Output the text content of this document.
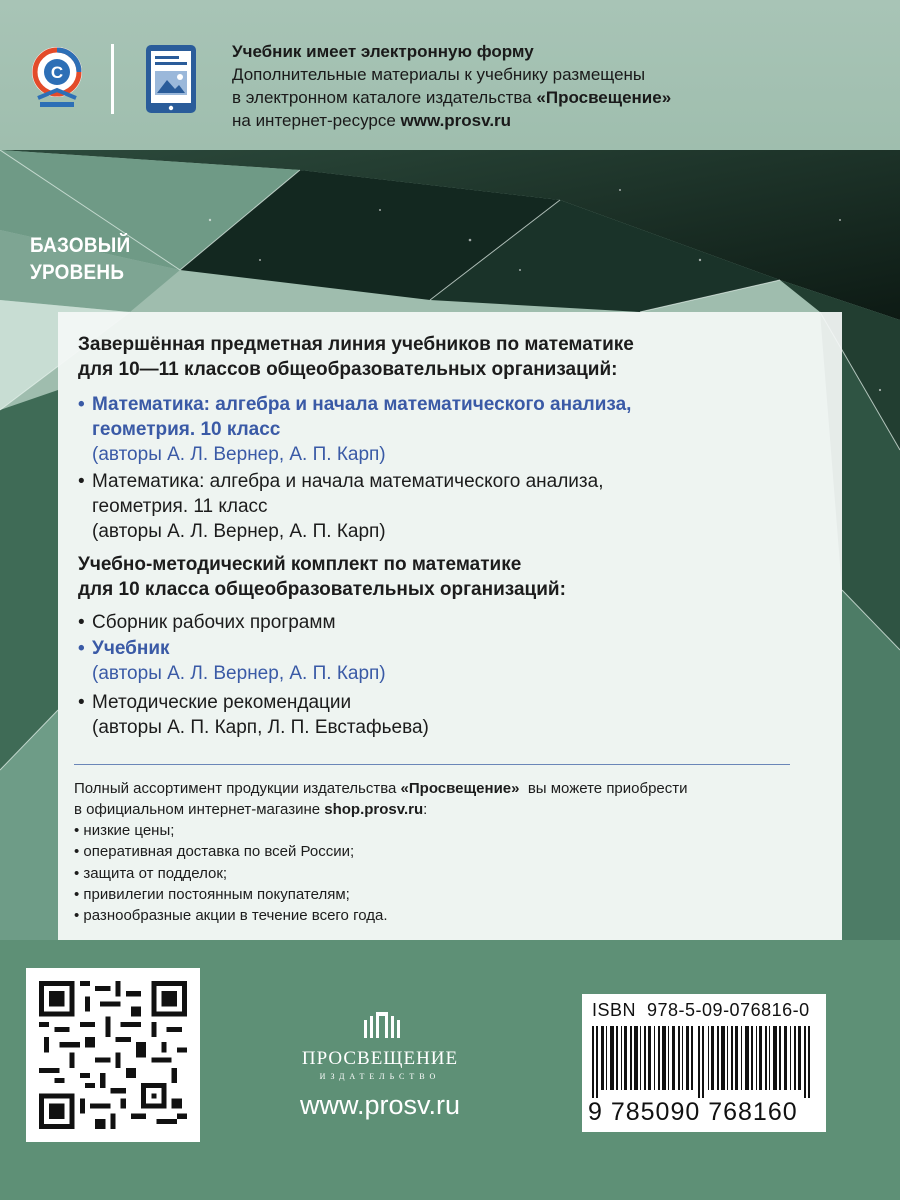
C
Учебник имеет электронную форму
Дополнительные материалы к учебнику размещены
в электронном каталоге издательства «Просвещение»
на интернет-ресурсе www.prosv.ru
БАЗОВЫЙ
УРОВЕНЬ
Завершённая предметная линия учебников по математике
для 10—11 классов общеобразовательных организаций:
• Математика: алгебра и начала математического анализа,
геометрия. 10 класс
(авторы А. Л. Вернер, А. П. Карп)
• Математика: алгебра и начала математического анализа,
геометрия. 11 класс
(авторы А. Л. Вернер, А. П. Карп)
Учебно-методический комплект по математике
для 10 класса общеобразовательных организаций:
• Сборник рабочих программ
• Учебник
(авторы А. Л. Вернер, А. П. Карп)
• Методические рекомендации
(авторы А. П. Карп, Л. П. Евстафьева)
Полный ассортимент продукции издательства «Просвещение»  вы можете приобрести
в официальном интернет-магазине shop.prosv.ru:
• низкие цены;
• оперативная доставка по всей России;
• защита от подделок;
• привилегии постоянным покупателям;
• разнообразные акции в течение всего года.
ПРОСВЕЩЕНИЕ
ИЗДАТЕЛЬСТВО
www.prosv.ru
ISBN  978-5-09-076816-0
9 785090 768160
